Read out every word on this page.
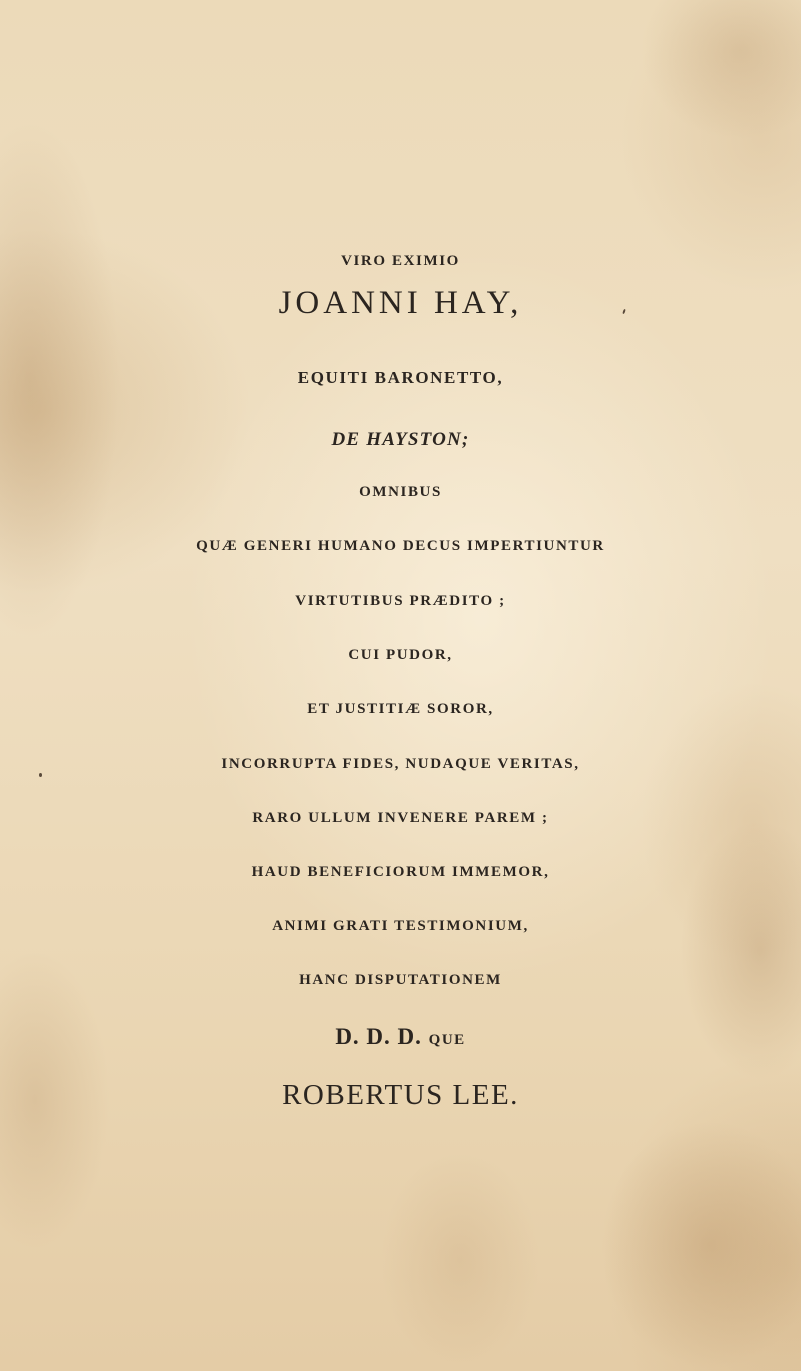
VIRO EXIMIO
JOANNI HAY,
EQUITI BARONETTO,
DE HAYSTON;
OMNIBUS
QUÆ GENERI HUMANO DECUS IMPERTIUNTUR
VIRTUTIBUS PRÆDITO ;
CUI PUDOR,
ET JUSTITIÆ SOROR,
INCORRUPTA FIDES, NUDAQUE VERITAS,
RARO ULLUM INVENERE PAREM ;
HAUD BENEFICIORUM IMMEMOR,
ANIMI GRATI TESTIMONIUM,
HANC DISPUTATIONEM
D. D. D. QUE
ROBERTUS LEE.
